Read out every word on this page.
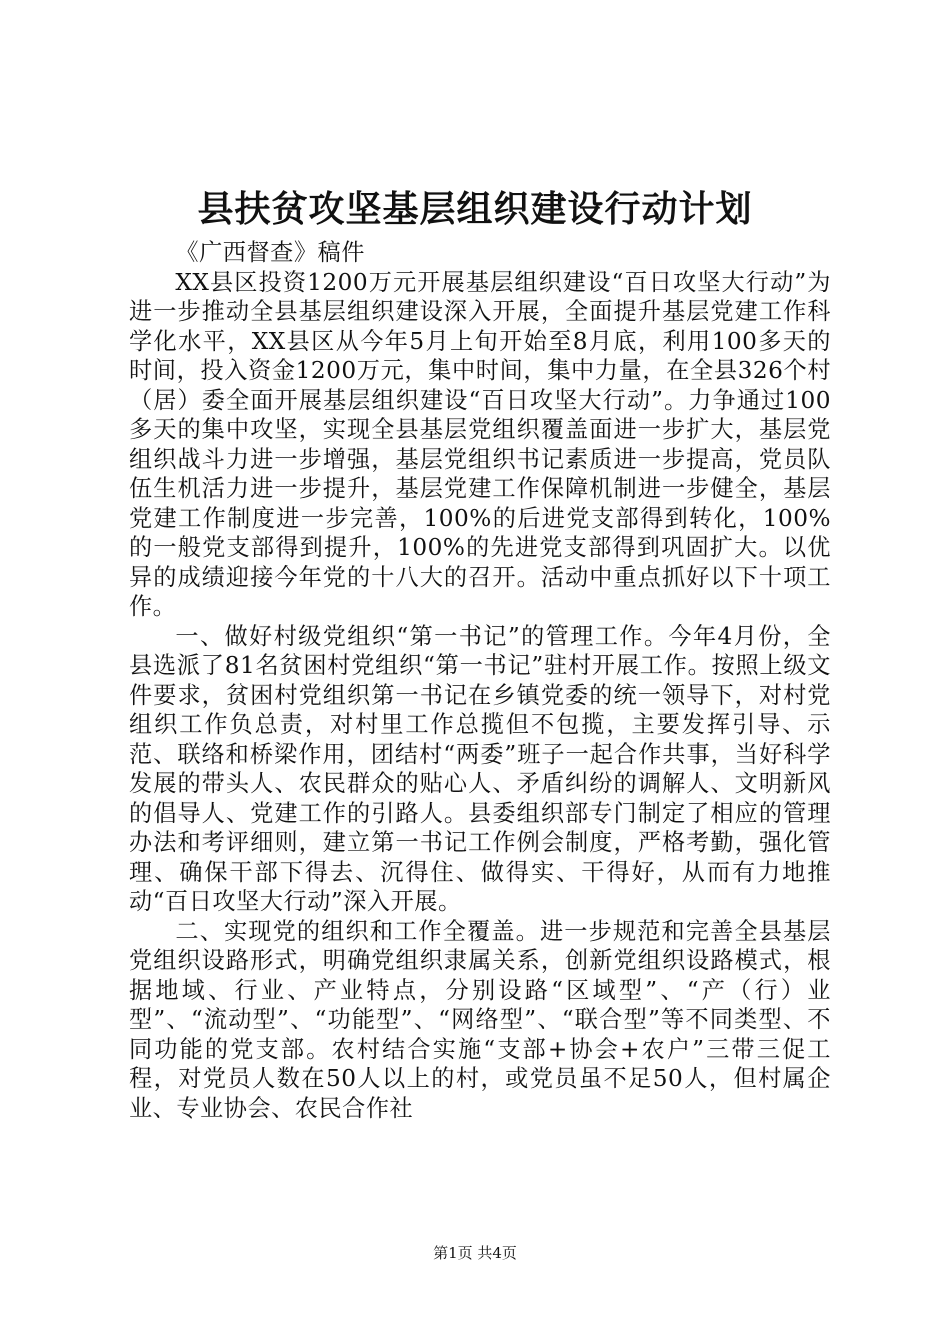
县扶贫攻坚基层组织建设行动计划

《广西督查》稿件

XX县区投资1200万元开展基层组织建设“百日攻坚大行动”为进一步推动全县基层组织建设深入开展，全面提升基层党建工作科学化水平，XX县区从今年5月上旬开始至8月底，利用100多天的时间，投入资金1200万元，集中时间，集中力量，在全县326个村（居）委全面开展基层组织建设“百日攻坚大行动”。力争通过100多天的集中攻坚，实现全县基层党组织覆盖面进一步扩大，基层党组织战斗力进一步增强，基层党组织书记素质进一步提高，党员队伍生机活力进一步提升，基层党建工作保障机制进一步健全，基层党建工作制度进一步完善，100%的后进党支部得到转化，100%的一般党支部得到提升，100%的先进党支部得到巩固扩大。以优异的成绩迎接今年党的十八大的召开。活动中重点抓好以下十项工作。

一、做好村级党组织“第一书记”的管理工作。今年4月份，全县选派了81名贫困村党组织“第一书记”驻村开展工作。按照上级文件要求，贫困村党组织第一书记在乡镇党委的统一领导下，对村党组织工作负总责，对村里工作总揽但不包揽，主要发挥引导、示范、联络和桥梁作用，团结村“两委”班子一起合作共事，当好科学发展的带头人、农民群众的贴心人、矛盾纠纷的调解人、文明新风的倡导人、党建工作的引路人。县委组织部专门制定了相应的管理办法和考评细则，建立第一书记工作例会制度，严格考勤，强化管理、确保干部下得去、沉得住、做得实、干得好，从而有力地推动“百日攻坚大行动”深入开展。

二、实现党的组织和工作全覆盖。进一步规范和完善全县基层党组织设路形式，明确党组织隶属关系，创新党组织设路模式，根据地域、行业、产业特点，分别设路“区域型”、“产（行）业型”、“流动型”、“功能型”、“网络型”、“联合型”等不同类型、不同功能的党支部。农村结合实施“支部+协会+农户”三带三促工程，对党员人数在50人以上的村，或党员虽不足50人，但村属企业、专业协会、农民合作社

第1页 共4页
